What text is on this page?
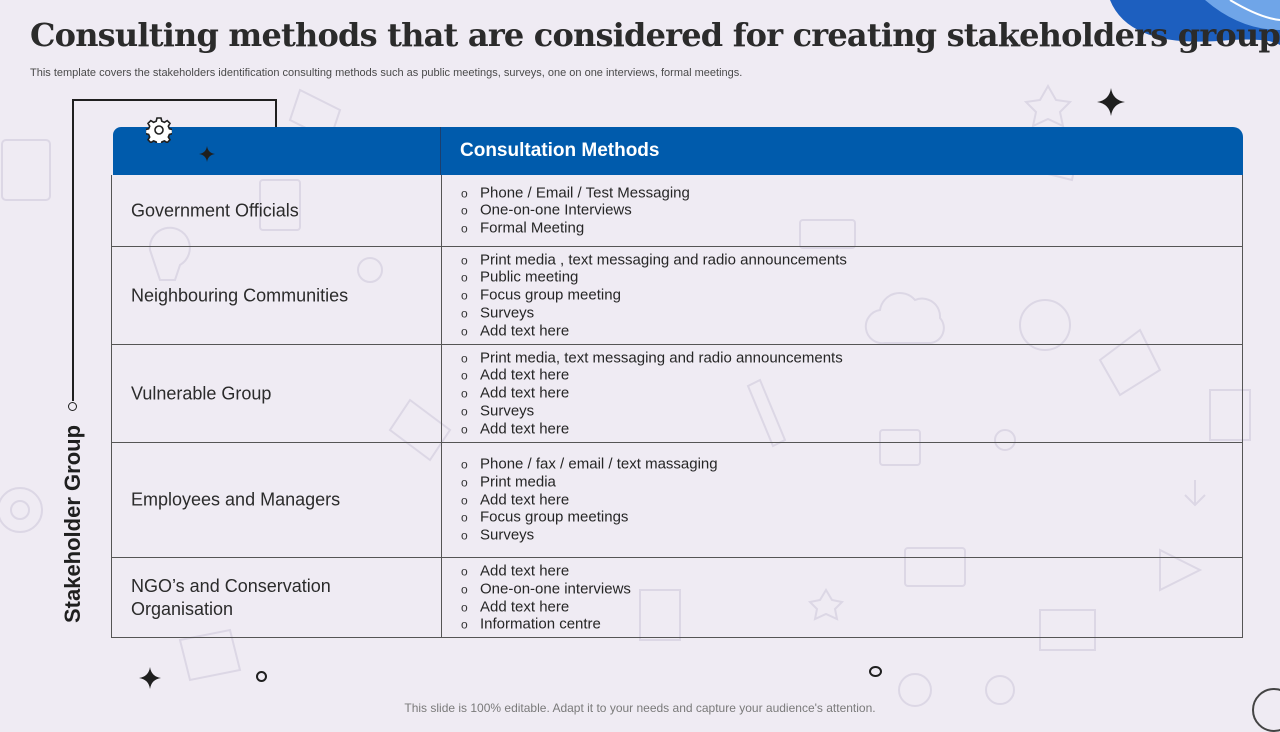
Consulting methods that are considered for creating stakeholders group

This template covers the stakeholders identification consulting methods such as public meetings, surveys, one on one interviews, formal meetings.

Stakeholder Group
Consultation Methods
Government Officials
o Phone / Email / Test Messaging
o One-on-one Interviews
o Formal Meeting
Neighbouring Communities
o Print media , text messaging and radio announcements
o Public meeting
o Focus group meeting
o Surveys
o Add text here
Vulnerable Group
o Print media, text messaging and radio announcements
o Add text here
o Add text here
o Surveys
o Add text here
Employees and Managers
o Phone / fax / email / text massaging
o Print media
o Add text here
o Focus group meetings
o Surveys
NGO’s and Conservation Organisation
o Add text here
o One-on-one interviews
o Add text here
o Information centre
This slide is 100% editable. Adapt it to your needs and capture your audience's attention.
